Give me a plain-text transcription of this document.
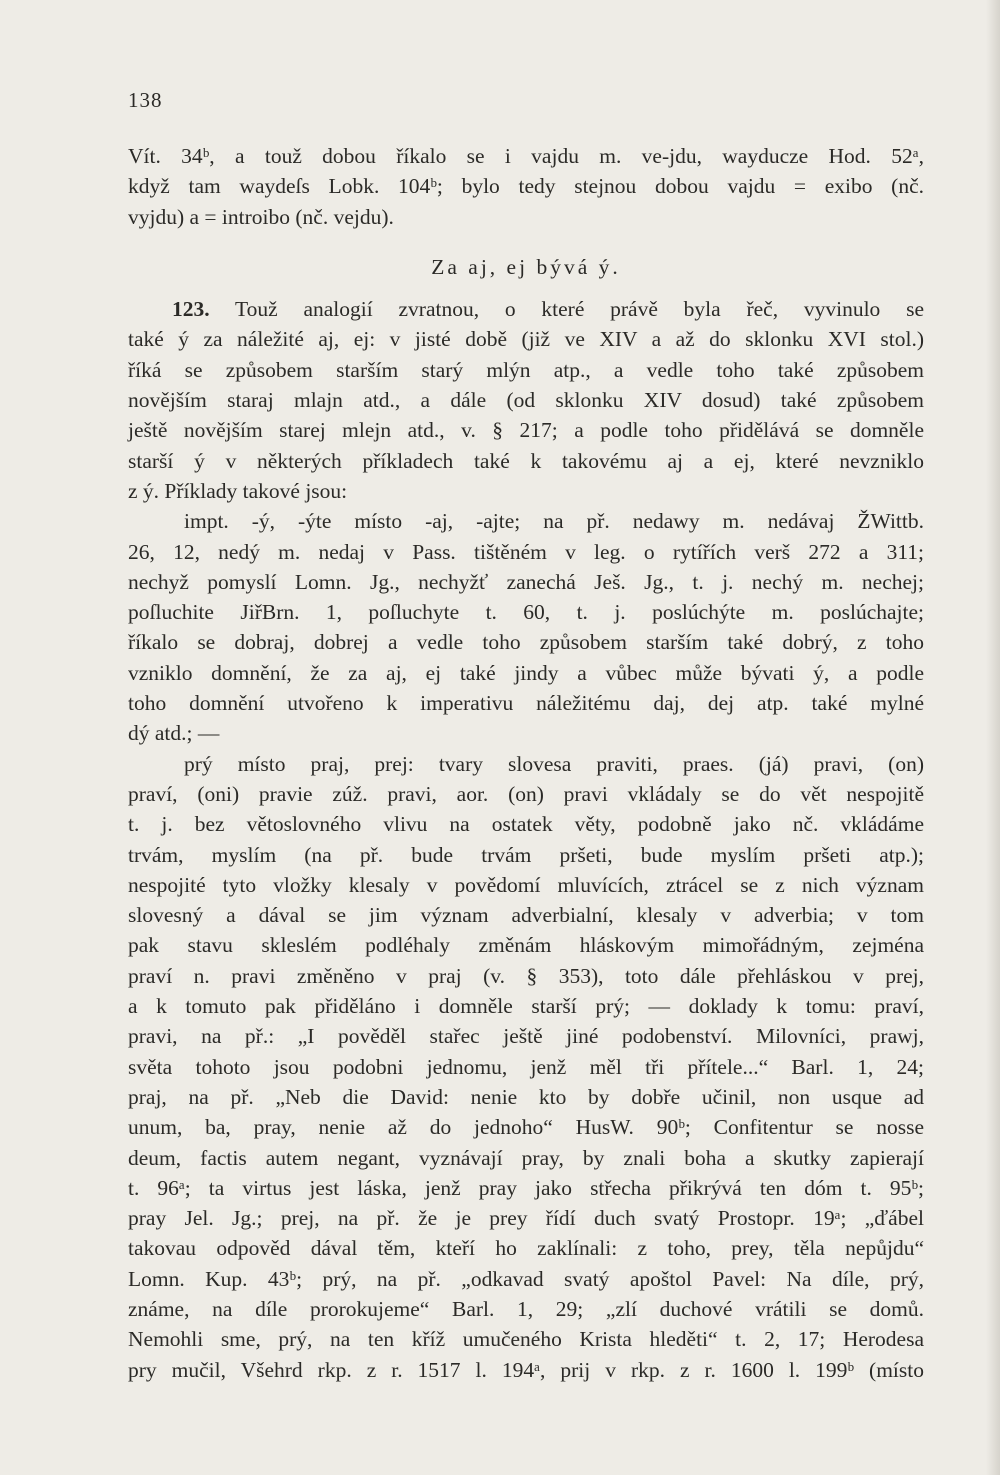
138
Vít. 34ᵇ, a touž dobou říkalo se i vajdu m. ve-jdu, wayducze Hod. 52ᵃ,
když tam waydeſs Lobk. 104ᵇ; bylo tedy stejnou dobou vajdu = exibo (nč.
vyjdu) a = introibo (nč. vejdu).
Za aj, ej bývá ý.
123. Touž analogií zvratnou, o které právě byla řeč, vyvinulo se
také ý za náležité aj, ej: v jisté době (již ve XIV a až do sklonku XVI stol.)
říká se způsobem starším starý mlýn atp., a vedle toho také způsobem
novějším staraj mlajn atd., a dále (od sklonku XIV dosud) také způsobem
ještě novějším starej mlejn atd., v. § 217; a podle toho přidělává se domněle
starší ý v některých příkladech také k takovému aj a ej, které nevzniklo
z ý. Příklady takové jsou:
impt. -ý, -ýte místo -aj, -ajte; na př. nedawy m. nedávaj ŽWittb.
26, 12, nedý m. nedaj v Pass. tištěném v leg. o rytířích verš 272 a 311;
nechyž pomyslí Lomn. Jg., nechyžť zanechá Ješ. Jg., t. j. nechý m. nechej;
poſluchite JiřBrn. 1, poſluchyte t. 60, t. j. poslúchýte m. poslúchajte;
říkalo se dobraj, dobrej a vedle toho způsobem starším také dobrý, z toho
vzniklo domnění, že za aj, ej také jindy a vůbec může bývati ý, a podle
toho domnění utvořeno k imperativu náležitému daj, dej atp. také mylné
dý atd.; —
prý místo praj, prej: tvary slovesa praviti, praes. (já) pravi, (on)
praví, (oni) pravie zúž. pravi, aor. (on) pravi vkládaly se do vět nespojitě
t. j. bez větoslovného vlivu na ostatek věty, podobně jako nč. vkládáme
trvám, myslím (na př. bude trvám pršeti, bude myslím pršeti atp.);
nespojité tyto vložky klesaly v povědomí mluvících, ztrácel se z nich význam
slovesný a dával se jim význam adverbialní, klesaly v adverbia; v tom
pak stavu skleslém podléhaly změnám hláskovým mimořádným, zejména
praví n. pravi změněno v praj (v. § 353), toto dále přehláskou v prej,
a k tomuto pak přiděláno i domněle starší prý; — doklady k tomu: praví,
pravi, na př.: „I pověděl stařec ještě jiné podobenství. Milovníci, prawj,
světa tohoto jsou podobni jednomu, jenž měl tři přítele...“ Barl. 1, 24;
praj, na př. „Neb die David: nenie kto by dobře učinil, non usque ad
unum, ba, pray, nenie až do jednoho“ HusW. 90ᵇ; Confitentur se nosse
deum, factis autem negant, vyznávají pray, by znali boha a skutky zapierají
t. 96ᵃ; ta virtus jest láska, jenž pray jako střecha přikrývá ten dóm t. 95ᵇ;
pray Jel. Jg.; prej, na př. že je prey řídí duch svatý Prostopr. 19ᵃ; „ďábel
takovau odpověd dával těm, kteří ho zaklínali: z toho, prey, těla nepůjdu“
Lomn. Kup. 43ᵇ; prý, na př. „odkavad svatý apoštol Pavel: Na díle, prý,
známe, na díle prorokujeme“ Barl. 1, 29; „zlí duchové vrátili se domů.
Nemohli sme, prý, na ten kříž umučeného Krista hleděti“ t. 2, 17; Herodesa
pry mučil, Všehrd rkp. z r. 1517 l. 194ᵃ, prij v rkp. z r. 1600 l. 199ᵇ (místo
